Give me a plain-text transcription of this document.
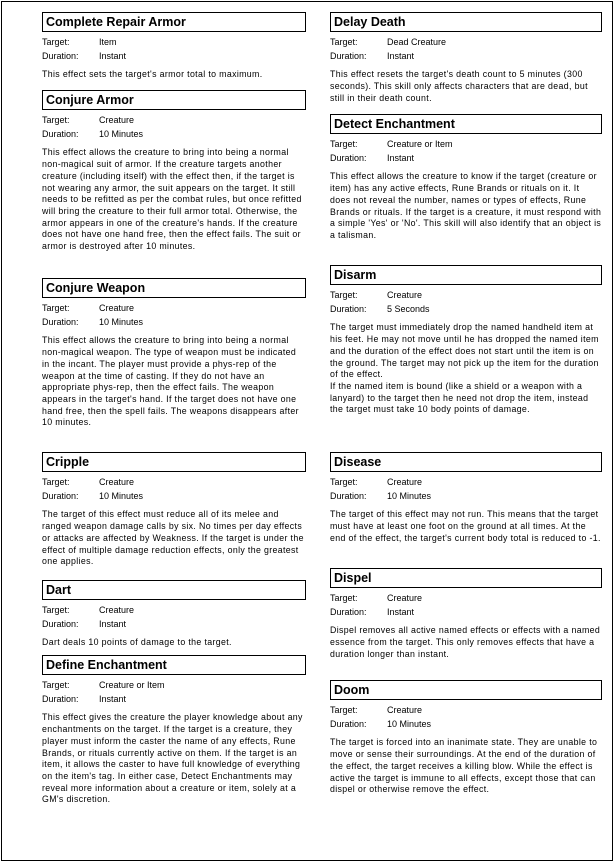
Complete Repair Armor
Target:	Item
Duration:	Instant

This effect sets the target's armor total to maximum.

Conjure Armor
Target:	Creature
Duration:	10 Minutes

This effect allows the creature to bring into being a normal non-magical suit of armor. If the creature targets another creature (including itself) with the effect then, if the target is not wearing any armor, the suit appears on the target. It still needs to be refitted as per the combat rules, but once refitted will bring the creature to their full armor total. Otherwise, the armor appears in one of the creature's hands. If the creature does not have one hand free, then the effect fails. The suit or armor is destroyed after 10 minutes.

Conjure Weapon
Target:	Creature
Duration:	10 Minutes

This effect allows the creature to bring into being a normal non-magical weapon. The type of weapon must be indicated in the incant. The player must provide a phys-rep of the weapon at the time of casting. If they do not have an appropriate phys-rep, then the effect fails. The weapon appears in the target's hand. If the target does not have one hand free, then the spell fails. The weapons disappears after 10 minutes.

Cripple
Target:	Creature
Duration:	10 Minutes

The target of this effect must reduce all of its melee and ranged weapon damage calls by six. No times per day effects or attacks are affected by Weakness. If the target is under the effect of multiple damage reduction effects, only the greatest one applies.

Dart
Target:	Creature
Duration:	Instant

Dart deals 10 points of damage to the target.

Define Enchantment
Target:	Creature or Item
Duration:	Instant

This effect gives the creature the player knowledge about any enchantments on the target. If the target is a creature, they player must inform the caster the name of any effects, Rune Brands, or rituals currently active on them. If the target is an item, it allows the caster to have full knowledge of everything on the item's tag. In either case, Detect Enchantments may reveal more information about a creature or item, solely at a GM's discretion.

Delay Death
Target:	Dead Creature
Duration:	Instant

This effect resets the target's death count to 5 minutes (300 seconds). This skill only affects characters that are dead, but still in their death count.

Detect Enchantment
Target:	Creature or Item
Duration:	Instant

This effect allows the creature to know if the target (creature or item) has any active effects, Rune Brands or rituals on it. It does not reveal the number, names or types of effects, Rune Brands or rituals. If the target is a creature, it must respond with a simple 'Yes' or 'No'. This skill will also identify that an object is a talisman.

Disarm
Target:	Creature
Duration:	5 Seconds

The target must immediately drop the named handheld item at his feet. He may not move until he has dropped the named item and the duration of the effect does not start until the item is on the ground. The target may not pick up the item for the duration of the effect.

If the named item is bound (like a shield or a weapon with a lanyard) to the target then he need not drop the item, instead the target must take 10 body points of damage.

Disease
Target:	Creature
Duration:	10 Minutes

The target of this effect may not run. This means that the target must have at least one foot on the ground at all times. At the end of the effect, the target's current body total is reduced to -1.

Dispel
Target:	Creature
Duration:	Instant

Dispel removes all active named effects or effects with a named essence from the target. This only removes effects that have a duration longer than instant.

Doom
Target:	Creature
Duration:	10 Minutes

The target is forced into an inanimate state. They are unable to move or sense their surroundings. At the end of the duration of the effect, the target receives a killing blow. While the effect is active the target is immune to all effects, except those that can dispel or otherwise remove the effect.
